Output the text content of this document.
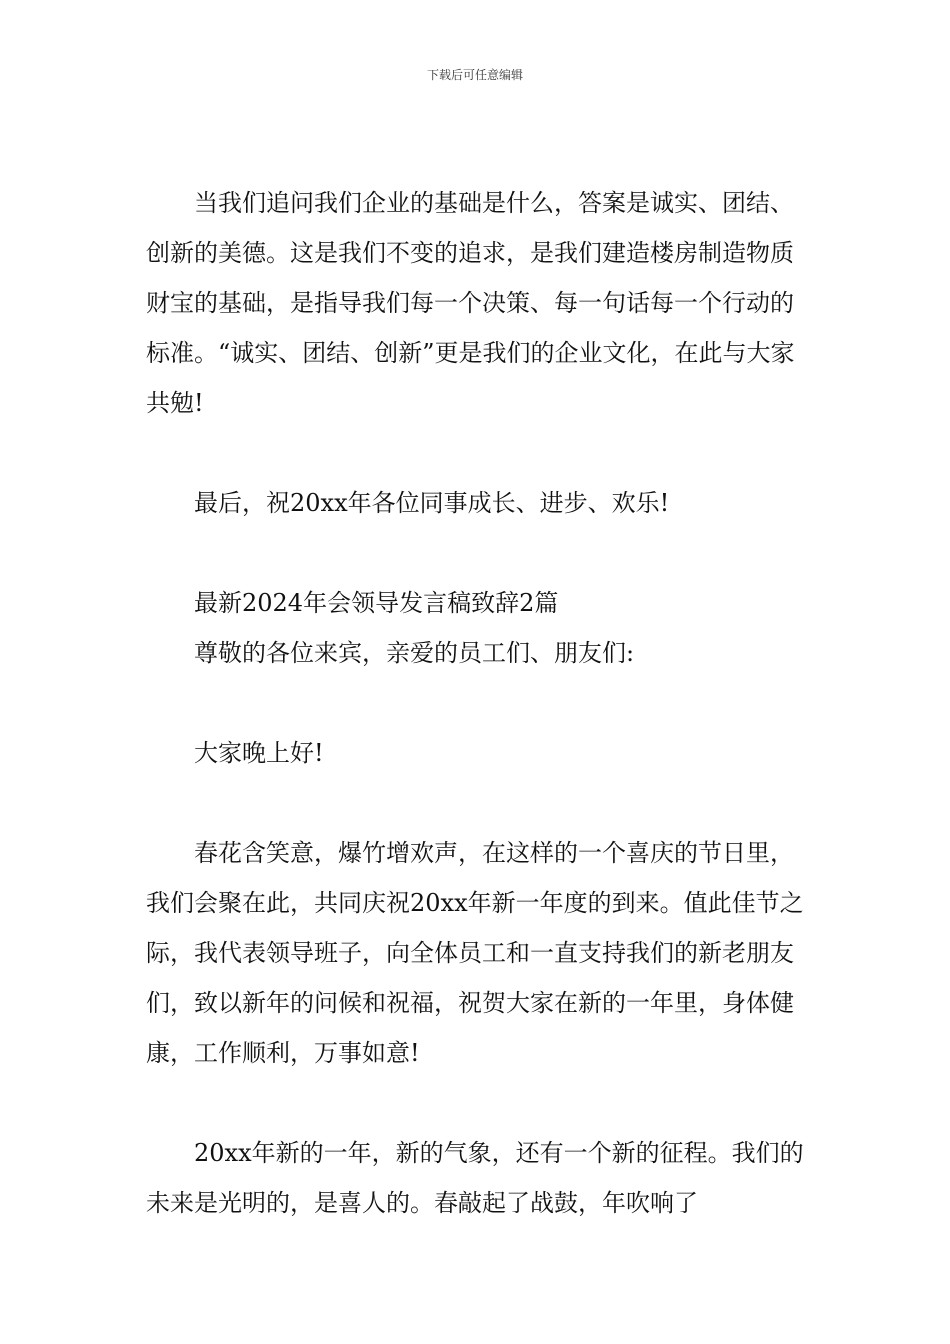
下载后可任意编辑

当我们追问我们企业的基础是什么，答案是诚实、团结、创新的美德。这是我们不变的追求，是我们建造楼房制造物质财宝的基础，是指导我们每一个决策、每一句话每一个行动的标准。“诚实、团结、创新”更是我们的企业文化，在此与大家共勉!

最后，祝20xx年各位同事成长、进步、欢乐!

最新2024年会领导发言稿致辞2篇

尊敬的各位来宾，亲爱的员工们、朋友们:

大家晚上好!

春花含笑意，爆竹增欢声，在这样的一个喜庆的节日里，我们会聚在此，共同庆祝20xx年新一年度的到来。值此佳节之际，我代表领导班子，向全体员工和一直支持我们的新老朋友们，致以新年的问候和祝福，祝贺大家在新的一年里，身体健康，工作顺利，万事如意!

20xx年新的一年，新的气象，还有一个新的征程。我们的未来是光明的，是喜人的。春敲起了战鼓，年吹响了
